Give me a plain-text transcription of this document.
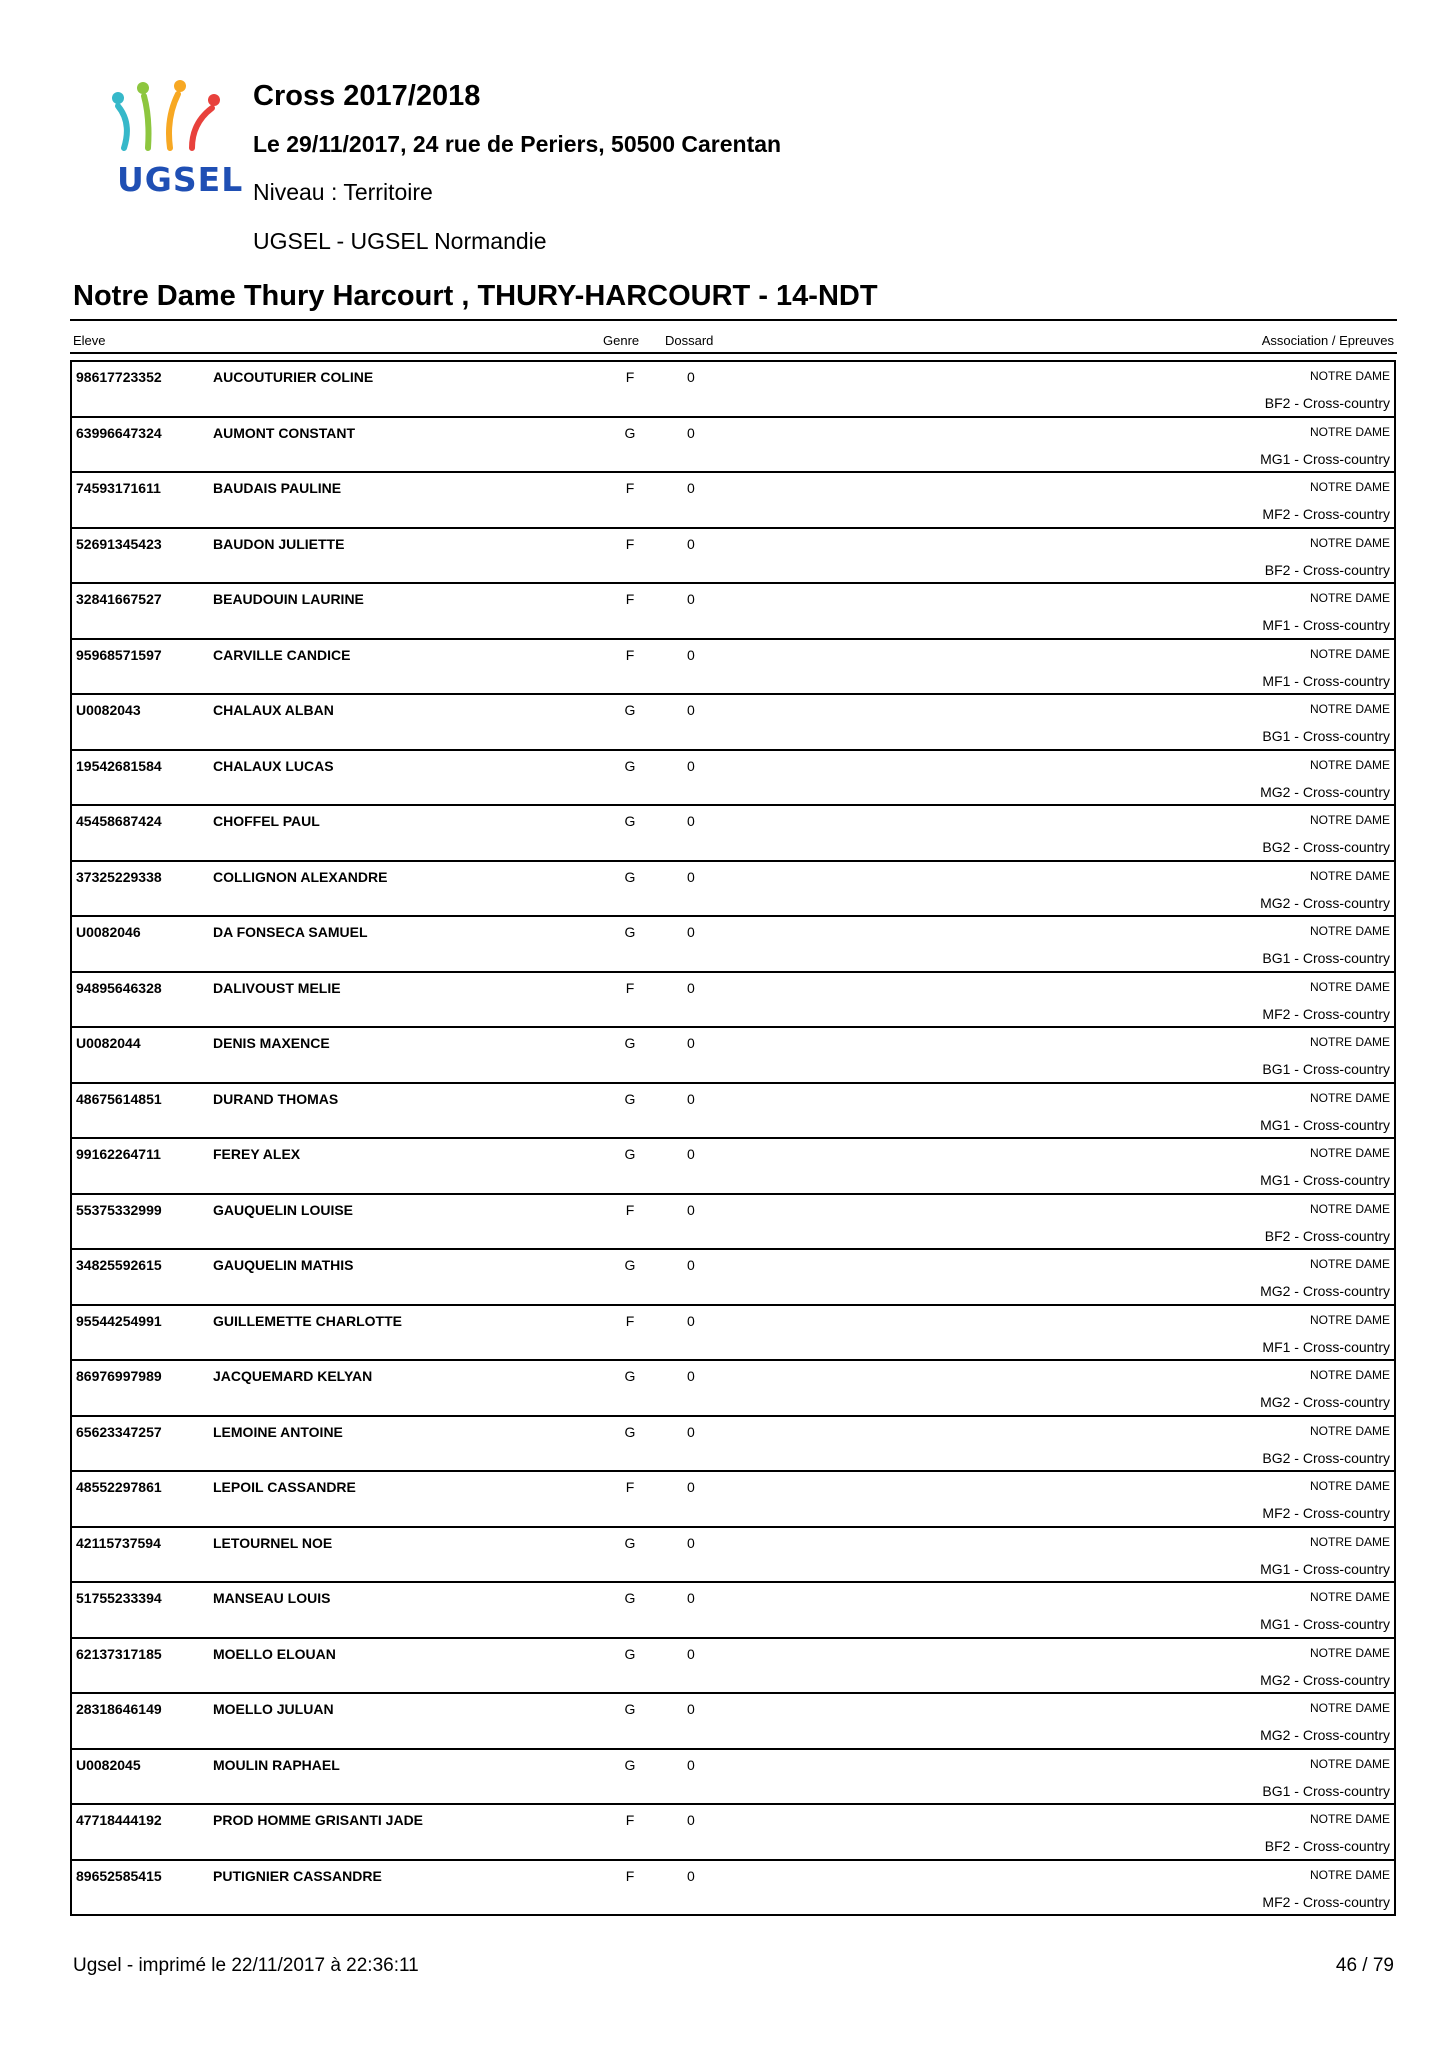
UGSEL
Cross 2017/2018
Le 29/11/2017, 24 rue de Periers, 50500 Carentan
Niveau : Territoire
UGSEL - UGSEL Normandie
Notre Dame Thury Harcourt , THURY-HARCOURT - 14-NDT
Eleve	Genre Dossard	Association / Epreuves
98617723352	AUCOUTURIER COLINE	F	0	NOTRE DAME
BF2 - Cross-country
63996647324	AUMONT CONSTANT	G	0	NOTRE DAME
MG1 - Cross-country
74593171611	BAUDAIS PAULINE	F	0	NOTRE DAME
MF2 - Cross-country
52691345423	BAUDON JULIETTE	F	0	NOTRE DAME
BF2 - Cross-country
32841667527	BEAUDOUIN LAURINE	F	0	NOTRE DAME
MF1 - Cross-country
95968571597	CARVILLE CANDICE	F	0	NOTRE DAME
MF1 - Cross-country
U0082043	CHALAUX ALBAN	G	0	NOTRE DAME
BG1 - Cross-country
19542681584	CHALAUX LUCAS	G	0	NOTRE DAME
MG2 - Cross-country
45458687424	CHOFFEL PAUL	G	0	NOTRE DAME
BG2 - Cross-country
37325229338	COLLIGNON ALEXANDRE	G	0	NOTRE DAME
MG2 - Cross-country
U0082046	DA FONSECA SAMUEL	G	0	NOTRE DAME
BG1 - Cross-country
94895646328	DALIVOUST MELIE	F	0	NOTRE DAME
MF2 - Cross-country
U0082044	DENIS MAXENCE	G	0	NOTRE DAME
BG1 - Cross-country
48675614851	DURAND THOMAS	G	0	NOTRE DAME
MG1 - Cross-country
99162264711	FEREY ALEX	G	0	NOTRE DAME
MG1 - Cross-country
55375332999	GAUQUELIN LOUISE	F	0	NOTRE DAME
BF2 - Cross-country
34825592615	GAUQUELIN MATHIS	G	0	NOTRE DAME
MG2 - Cross-country
95544254991	GUILLEMETTE CHARLOTTE	F	0	NOTRE DAME
MF1 - Cross-country
86976997989	JACQUEMARD KELYAN	G	0	NOTRE DAME
MG2 - Cross-country
65623347257	LEMOINE ANTOINE	G	0	NOTRE DAME
BG2 - Cross-country
48552297861	LEPOIL CASSANDRE	F	0	NOTRE DAME
MF2 - Cross-country
42115737594	LETOURNEL NOE	G	0	NOTRE DAME
MG1 - Cross-country
51755233394	MANSEAU LOUIS	G	0	NOTRE DAME
MG1 - Cross-country
62137317185	MOELLO ELOUAN	G	0	NOTRE DAME
MG2 - Cross-country
28318646149	MOELLO JULUAN	G	0	NOTRE DAME
MG2 - Cross-country
U0082045	MOULIN RAPHAEL	G	0	NOTRE DAME
BG1 - Cross-country
47718444192	PROD HOMME GRISANTI JADE	F	0	NOTRE DAME
BF2 - Cross-country
89652585415	PUTIGNIER CASSANDRE	F	0	NOTRE DAME
MF2 - Cross-country
Ugsel - imprimé le 22/11/2017 à 22:36:11	46 / 79
